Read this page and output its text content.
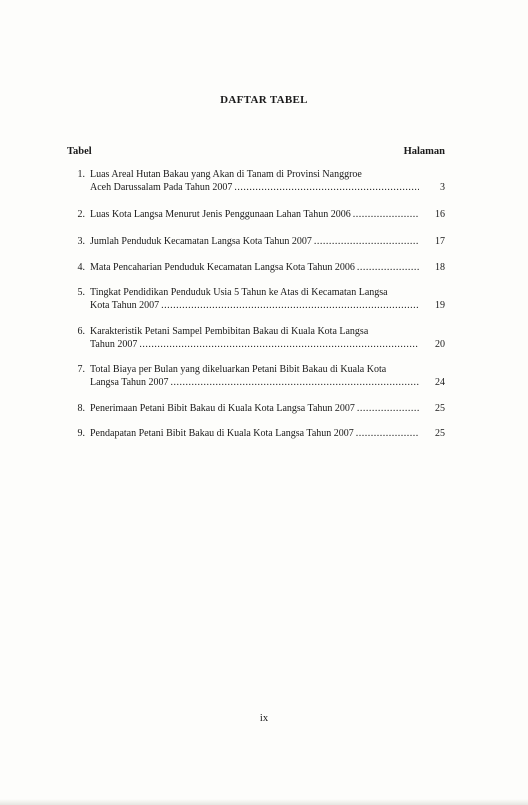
DAFTAR TABEL
Tabel	Halaman
1. Luas Areal Hutan Bakau yang Akan di Tanam di Provinsi Nanggroe
Aceh Darussalam Pada Tahun 2007 .....	3
2. Luas Kota Langsa Menurut Jenis Penggunaan Lahan Tahun 2006 .....	16
3. Jumlah Penduduk Kecamatan Langsa Kota Tahun 2007 .....	17
4. Mata Pencaharian Penduduk Kecamatan Langsa Kota Tahun 2006 .....	18
5. Tingkat Pendidikan Penduduk Usia 5 Tahun ke Atas di Kecamatan Langsa
Kota Tahun 2007 .....	19
6. Karakteristik Petani Sampel Pembibitan Bakau di Kuala Kota Langsa
Tahun 2007 .....	20
7. Total Biaya per Bulan yang dikeluarkan Petani Bibit Bakau di Kuala Kota
Langsa Tahun 2007 .....	24
8. Penerimaan Petani Bibit Bakau di Kuala Kota Langsa Tahun 2007 .....	25
9. Pendapatan Petani Bibit Bakau di Kuala Kota Langsa Tahun 2007 .....	25
ix
